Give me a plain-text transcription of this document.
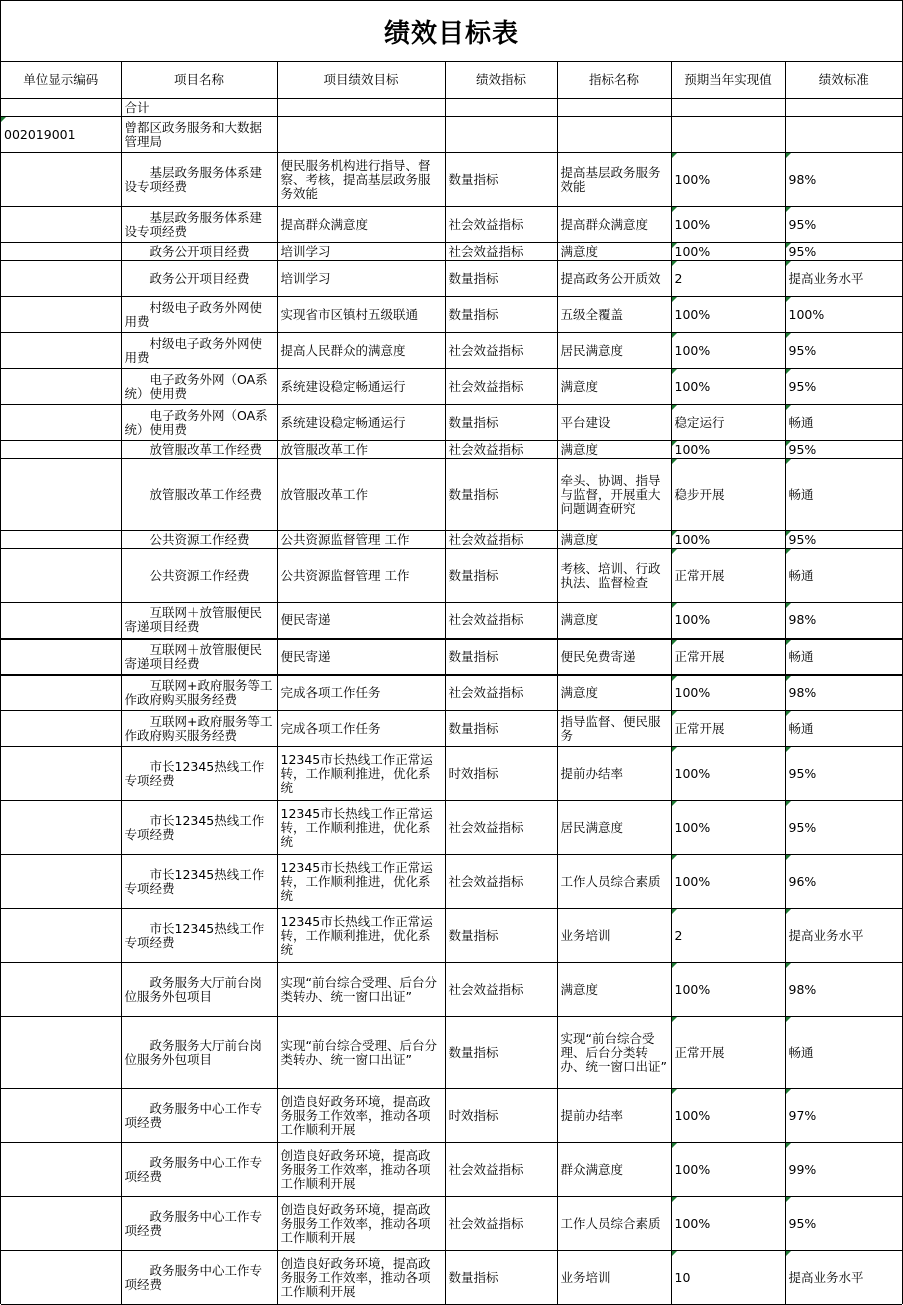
绩效目标表
单位显示编码	项目名称	项目绩效目标	绩效指标	指标名称	预期当年实现值	绩效标准
	合计					
002019001	曾都区政务服务和大数据管理局					
	基层政务服务体系建设专项经费	便民服务机构进行指导、督察、考核，提高基层政务服务效能	数量指标	提高基层政务服务效能	100%	98%
	基层政务服务体系建设专项经费	提高群众满意度	社会效益指标	提高群众满意度	100%	95%
	政务公开项目经费	培训学习	社会效益指标	满意度	100%	95%
	政务公开项目经费	培训学习	数量指标	提高政务公开质效	2	提高业务水平
	村级电子政务外网使用费	实现省市区镇村五级联通	数量指标	五级全覆盖	100%	100%
	村级电子政务外网使用费	提高人民群众的满意度	社会效益指标	居民满意度	100%	95%
	电子政务外网（OA系统）使用费	系统建设稳定畅通运行	社会效益指标	满意度	100%	95%
	电子政务外网（OA系统）使用费	系统建设稳定畅通运行	数量指标	平台建设	稳定运行	畅通
	放管服改革工作经费	放管服改革工作	社会效益指标	满意度	100%	95%
	放管服改革工作经费	放管服改革工作	数量指标	牵头、协调、指导与监督，开展重大问题调查研究	稳步开展	畅通
	公共资源工作经费	公共资源监督管理 工作	社会效益指标	满意度	100%	95%
	公共资源工作经费	公共资源监督管理 工作	数量指标	考核、培训、行政执法、监督检查	正常开展	畅通
	互联网＋放管服便民寄递项目经费	便民寄递	社会效益指标	满意度	100%	98%
	互联网＋放管服便民寄递项目经费	便民寄递	数量指标	便民免费寄递	正常开展	畅通
	互联网+政府服务等工作政府购买服务经费	完成各项工作任务	社会效益指标	满意度	100%	98%
	互联网+政府服务等工作政府购买服务经费	完成各项工作任务	数量指标	指导监督、便民服务	正常开展	畅通
	市长12345热线工作专项经费	12345市长热线工作正常运转，工作顺利推进，优化系统	时效指标	提前办结率	100%	95%
	市长12345热线工作专项经费	12345市长热线工作正常运转，工作顺利推进，优化系统	社会效益指标	居民满意度	100%	95%
	市长12345热线工作专项经费	12345市长热线工作正常运转，工作顺利推进，优化系统	社会效益指标	工作人员综合素质	100%	96%
	市长12345热线工作专项经费	12345市长热线工作正常运转，工作顺利推进，优化系统	数量指标	业务培训	2	提高业务水平
	政务服务大厅前台岗位服务外包项目	实现“前台综合受理、后台分类转办、统一窗口出证”	社会效益指标	满意度	100%	98%
	政务服务大厅前台岗位服务外包项目	实现“前台综合受理、后台分类转办、统一窗口出证”	数量指标	实现“前台综合受理、后台分类转办、统一窗口出证”	正常开展	畅通
	政务服务中心工作专项经费	创造良好政务环境，提高政务服务工作效率，推动各项工作顺利开展	时效指标	提前办结率	100%	97%
	政务服务中心工作专项经费	创造良好政务环境，提高政务服务工作效率，推动各项工作顺利开展	社会效益指标	群众满意度	100%	99%
	政务服务中心工作专项经费	创造良好政务环境，提高政务服务工作效率，推动各项工作顺利开展	社会效益指标	工作人员综合素质	100%	95%
	政务服务中心工作专项经费	创造良好政务环境，提高政务服务工作效率，推动各项工作顺利开展	数量指标	业务培训	10	提高业务水平
